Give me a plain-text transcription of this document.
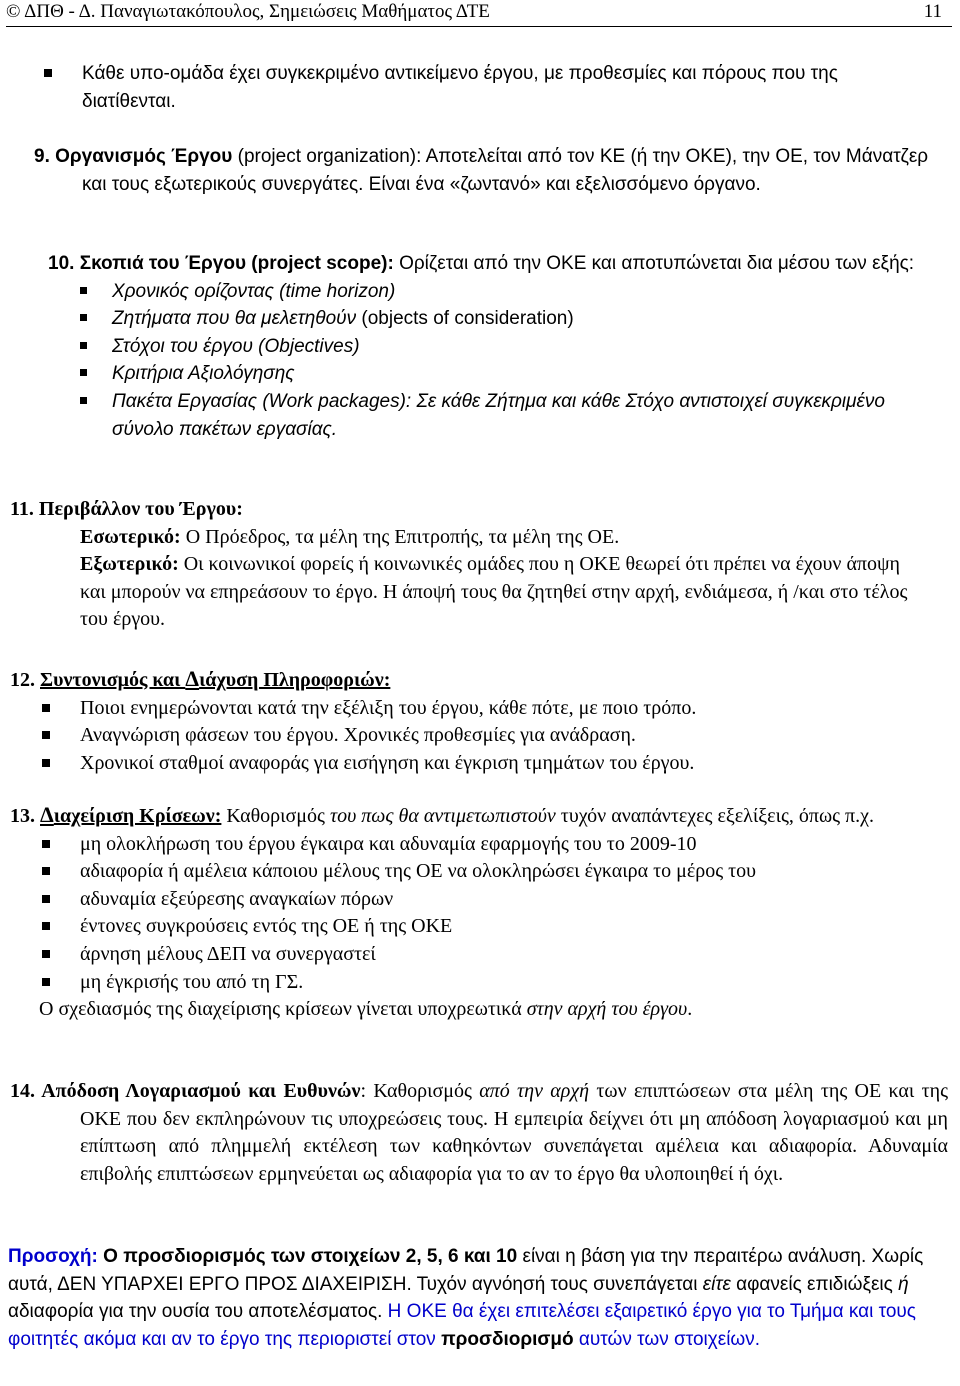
© ΔΠΘ - Δ. Παναγιωτακόπουλος, Σημειώσεις Μαθήματος ΔΤΕ	11
Κάθε υπο-ομάδα έχει συγκεκριμένο αντικείμενο έργου, με προθεσμίες και πόρους που της διατίθενται.
9. Οργανισμός Έργου (project organization): Αποτελείται από τον ΚΕ (ή την ΟΚΕ), την ΟΕ, τον Μάνατζερ και τους εξωτερικούς συνεργάτες. Είναι ένα «ζωντανό» και εξελισσόμενο όργανο.
10. Σκοπιά του Έργου (project scope): Ορίζεται από την ΟΚΕ και αποτυπώνεται δια μέσου των εξής:
Χρονικός ορίζοντας (time horizon)
Ζητήματα που θα μελετηθούν (objects of consideration)
Στόχοι του έργου (Objectives)
Κριτήρια Αξιολόγησης
Πακέτα Εργασίας (Work packages): Σε κάθε Ζήτημα και κάθε Στόχο αντιστοιχεί συγκεκριμένο σύνολο πακέτων εργασίας.

11. Περιβάλλον του Έργου:

Εσωτερικό: Ο Πρόεδρος, τα μέλη της Επιτροπής, τα μέλη της ΟΕ.

Εξωτερικό: Οι κοινωνικοί φορείς ή κοινωνικές ομάδες που η ΟΚΕ θεωρεί ότι πρέπει να έχουν άποψη και μπορούν να επηρεάσουν το έργο. Η άποψή τους θα ζητηθεί στην αρχή, ενδιάμεσα, ή /και στο τέλος του έργου.

12. Συντονισμός και Διάχυση Πληροφοριών:

Ποιοι ενημερώνονται κατά την εξέλιξη του έργου, κάθε πότε, με ποιο τρόπο.
Αναγνώριση φάσεων του έργου. Χρονικές προθεσμίες για ανάδραση.
Χρονικοί σταθμοί αναφοράς για εισήγηση και έγκριση τμημάτων του έργου.

13. Διαχείριση Κρίσεων: Καθορισμός του πως θα αντιμετωπιστούν τυχόν αναπάντεχες εξελίξεις, όπως π.χ.

μη ολοκλήρωση του έργου έγκαιρα και αδυναμία εφαρμογής του το 2009-10
αδιαφορία ή αμέλεια κάποιου μέλους της ΟΕ να ολοκληρώσει έγκαιρα το μέρος του
αδυναμία εξεύρεσης αναγκαίων πόρων
έντονες συγκρούσεις εντός της ΟΕ ή της ΟΚΕ
άρνηση μέλους ΔΕΠ να συνεργαστεί
μη έγκρισής του από τη ΓΣ.

Ο σχεδιασμός της διαχείρισης κρίσεων γίνεται υποχρεωτικά στην αρχή του έργου.

14. Απόδοση Λογαριασμού και Ευθυνών: Καθορισμός από την αρχή των επιπτώσεων στα μέλη της ΟΕ και της ΟΚΕ που δεν εκπληρώνουν τις υποχρεώσεις τους. Η εμπειρία δείχνει ότι μη απόδοση λογαριασμού και μη επίπτωση από πλημμελή εκτέλεση των καθηκόντων συνεπάγεται αμέλεια και αδιαφορία. Αδυναμία επιβολής επιπτώσεων ερμηνεύεται ως αδιαφορία για το αν το έργο θα υλοποιηθεί ή όχι.

Προσοχή: Ο προσδιορισμός των στοιχείων 2, 5, 6 και 10 είναι η βάση για την περαιτέρω ανάλυση. Χωρίς αυτά, ΔΕΝ ΥΠΑΡΧΕΙ ΕΡΓΟ ΠΡΟΣ ΔΙΑΧΕΙΡΙΣΗ. Τυχόν αγνόησή τους συνεπάγεται είτε αφανείς επιδιώξεις ή αδιαφορία για την ουσία του αποτελέσματος. Η ΟΚΕ θα έχει επιτελέσει εξαιρετικό έργο για το Τμήμα και τους φοιτητές ακόμα και αν το έργο της περιοριστεί στον προσδιορισμό αυτών των στοιχείων.
